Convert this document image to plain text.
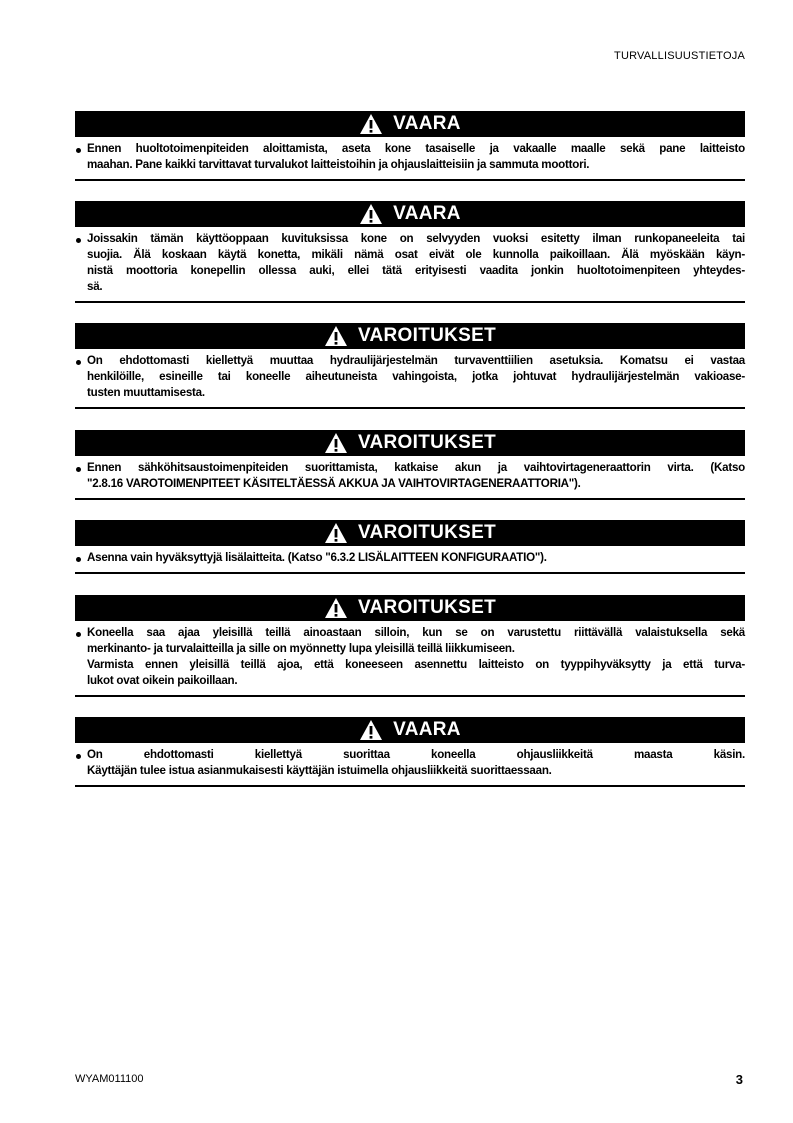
TURVALLISUUSTIETOJA
VAARA
Ennen huoltotoimenpiteiden aloittamista, aseta kone tasaiselle ja vakaalle maalle sekä pane laitteisto
maahan. Pane kaikki tarvittavat turvalukot laitteistoihin ja ohjauslaitteisiin ja sammuta moottori.
VAARA
Joissakin tämän käyttöoppaan kuvituksissa kone on selvyyden vuoksi esitetty ilman runkopaneeleita tai
suojia. Älä koskaan käytä konetta, mikäli nämä osat eivät ole kunnolla paikoillaan. Älä myöskään käyn-
nistä moottoria konepellin ollessa auki, ellei tätä erityisesti vaadita jonkin huoltotoimenpiteen yhteydes-
sä.
VAROITUKSET
On ehdottomasti kiellettyä muuttaa hydraulijärjestelmän turvaventtiilien asetuksia. Komatsu ei vastaa
henkilöille, esineille tai koneelle aiheutuneista vahingoista, jotka johtuvat hydraulijärjestelmän vakioase-
tusten muuttamisesta.
VAROITUKSET
Ennen sähköhitsaustoimenpiteiden suorittamista, katkaise akun ja vaihtovirtageneraattorin virta. (Katso
"2.8.16 VAROTOIMENPITEET KÄSITELTÄESSÄ AKKUA JA VAIHTOVIRTAGENERAATTORIA").
VAROITUKSET
Asenna vain hyväksyttyjä lisälaitteita. (Katso "6.3.2 LISÄLAITTEEN KONFIGURAATIO").
VAROITUKSET
Koneella saa ajaa yleisillä teillä ainoastaan silloin, kun se on varustettu riittävällä valaistuksella sekä
merkinanto- ja turvalaitteilla ja sille on myönnetty lupa yleisillä teillä liikkumiseen.
Varmista ennen yleisillä teillä ajoa, että koneeseen asennettu laitteisto on tyyppihyväksytty ja että turva-
lukot ovat oikein paikoillaan.
VAARA
On ehdottomasti kiellettyä suorittaa koneella ohjausliikkeitä maasta käsin.
Käyttäjän tulee istua asianmukaisesti käyttäjän istuimella ohjausliikkeitä suorittaessaan.
WYAM011100	3
